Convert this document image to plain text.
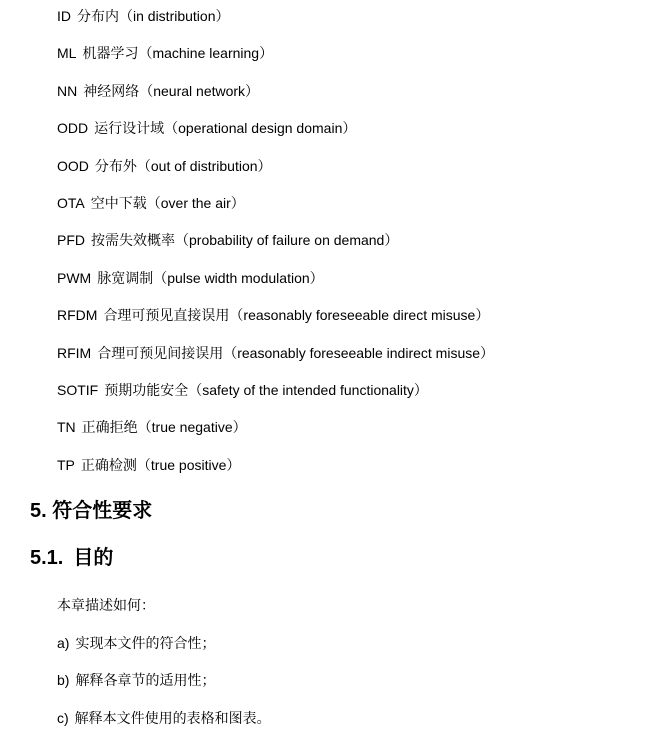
ID 分布内（in distribution）
ML 机器学习（machine learning）
NN 神经网络（neural network）
ODD 运行设计域（operational design domain）
OOD 分布外（out of distribution）
OTA 空中下载（over the air）
PFD 按需失效概率（probability of failure on demand）
PWM 脉宽调制（pulse width modulation）
RFDM 合理可预见直接误用（reasonably foreseeable direct misuse）
RFIM 合理可预见间接误用（reasonably foreseeable indirect misuse）
SOTIF 预期功能安全（safety of the intended functionality）
TN 正确拒绝（true negative）
TP 正确检测（true positive）
5. 符合性要求
5.1. 目的
本章描述如何：
a) 实现本文件的符合性；
b) 解释各章节的适用性；
c) 解释本文件使用的表格和图表。
